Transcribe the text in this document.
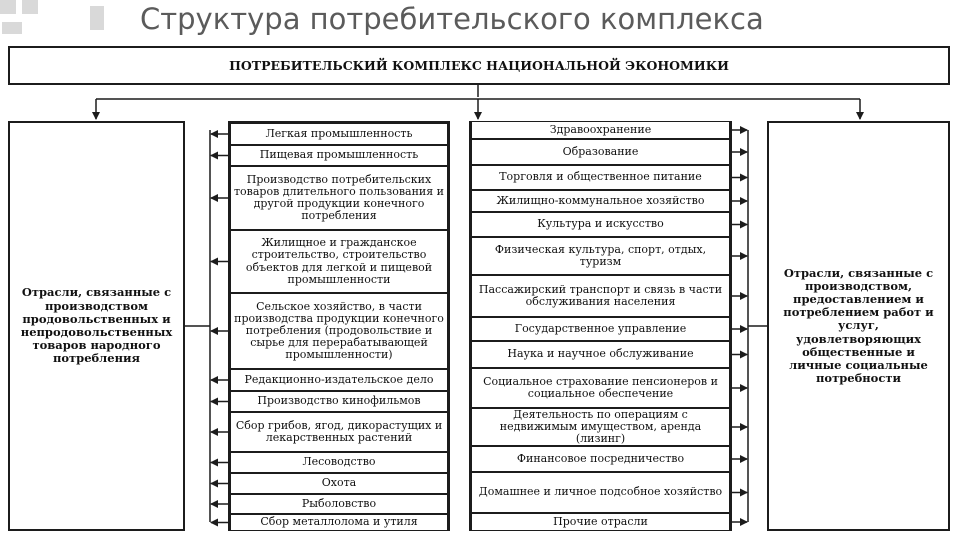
Структура потребительского комплекса
ПОТРЕБИТЕЛЬСКИЙ КОМПЛЕКС НАЦИОНАЛЬНОЙ ЭКОНОМИКИ
Отрасли, связанные с производством продовольственных и непродовольственных товаров народного потребления
Отрасли, связанные с производством, предоставлением и потреблением работ и услуг, удовлетворяющих общественные и личные социальные потребности
Легкая промышленность
Пищевая промышленность
Производство потребительских товаров длительного пользования и другой продукции конечного потребления
Жилищное и гражданское строительство, строительство объектов для легкой и пищевой промышленности
Сельское хозяйство, в части производства продукции конечного потребления (продовольствие и сырье для перерабатывающей промышленности)
Редакционно-издательское дело
Производство кинофильмов
Сбор грибов, ягод, дикорастущих и лекарственных растений
Лесоводство
Охота
Рыболовство
Сбор металлолома и утиля
Здравоохранение
Образование
Торговля и общественное питание
Жилищно-коммунальное хозяйство
Культура и искусство
Физическая культура, спорт, отдых, туризм
Пассажирский транспорт и связь в части обслуживания населения
Государственное управление
Наука и научное обслуживание
Социальное страхование пенсионеров и социальное обеспечение
Деятельность по операциям с недвижимым имуществом, аренда (лизинг)
Финансовое посредничество
Домашнее и личное подсобное хозяйство
Прочие отрасли
